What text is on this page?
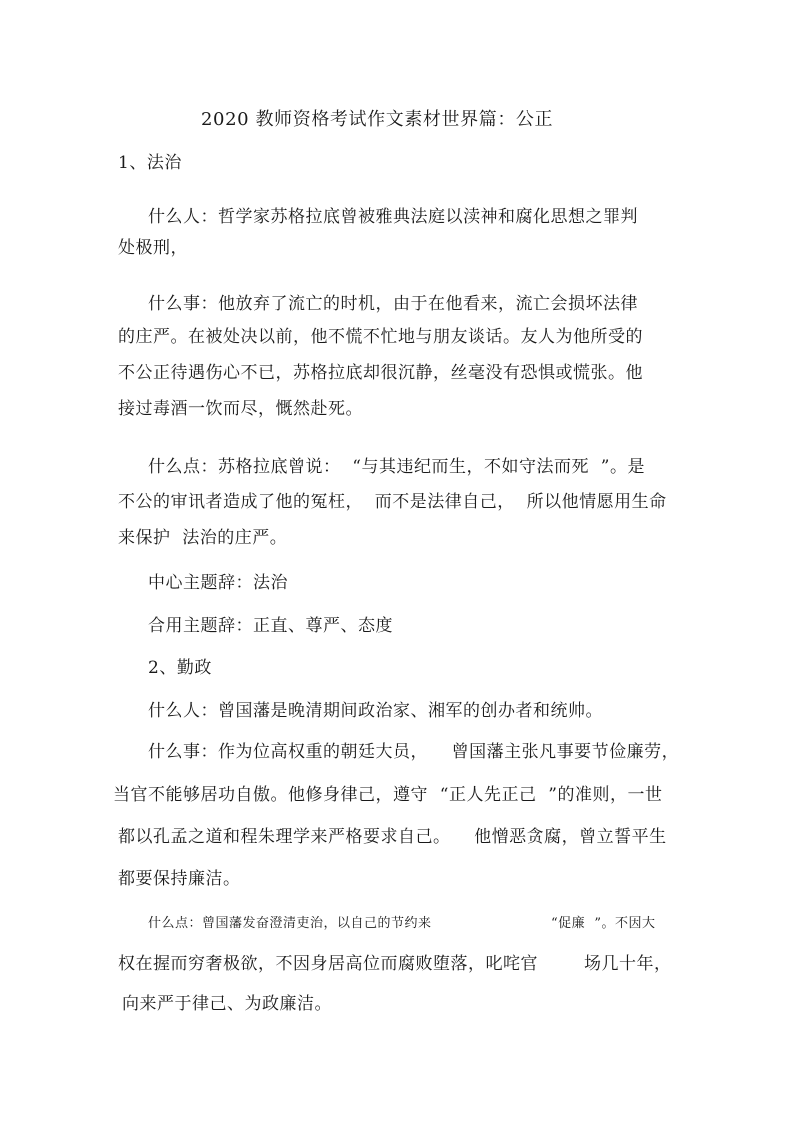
2020 教师资格考试作文素材世界篇：公正
1、法治
什么人：哲学家苏格拉底曾被雅典法庭以渎神和腐化思想之罪判
处极刑，
什么事：他放弃了流亡的时机，由于在他看来，流亡会损坏法律
的庄严。在被处决以前，他不慌不忙地与朋友谈话。友人为他所受的
不公正待遇伤心不已，苏格拉底却很沉静，丝毫没有恐惧或慌张。他
接过毒酒一饮而尽，慨然赴死。
什么点：苏格拉底曾说：  “与其违纪而生，不如守法而死  ”。是
不公的审讯者造成了他的冤枉，  而不是法律自己，  所以他情愿用生命
来保护  法治的庄严。
中心主题辞：法治
合用主题辞：正直、尊严、态度
2、勤政
什么人：曾国藩是晚清期间政治家、湘军的创办者和统帅。
什么事：作为位高权重的朝廷大员，    曾国藩主张凡事要节俭廉劳，
当官不能够居功自傲。他修身律己，遵守  “正人先正己  ”的准则，一世
都以孔孟之道和程朱理学来严格要求自己。    他憎恶贪腐，曾立誓平生
都要保持廉洁。
什么点：曾国藩发奋澄清吏治，以自己的节约来	“促廉  ”。不因大
权在握而穷奢极欲，不因身居高位而腐败堕落，叱咤官	场几十年，
向来严于律己、为政廉洁。
